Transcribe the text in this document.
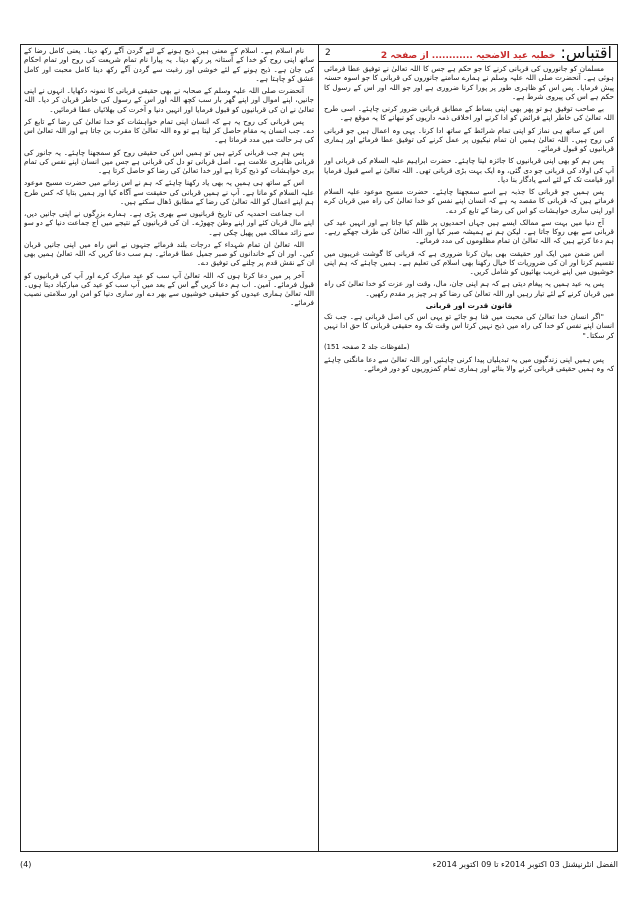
اقتباس: خطبہ عید الاضحیہ ............ از صفحہ 2
2

مسلمان کو جانوروں کی قربانی کرنے کا جو حکم ہے جس کا اللہ تعالیٰ نے توفیق عطا فرمائی ہوئی ہے۔ آنحضرت صلی اللہ علیہ وسلم نے ہمارے سامنے جانوروں کی قربانی کا جو اسوہ حسنہ پیش فرمایا۔ پس اس کو ظاہری طور پر پورا کرنا ضروری ہے اور جو اللہ اور اس کے رسول کا حکم ہے اس کی پیروی شرط ہے۔

بے صاحب توفیق ہو تو پھر بھی اپنی بساط کے مطابق قربانی ضرور کرنی چاہئے۔ اسی طرح اللہ تعالیٰ کی خاطر اپنے فرائض کو ادا کرنے اور اخلاقی ذمہ داریوں کو نبھانے کا یہ موقع ہے۔

اس کے ساتھ ہی نماز کو اپنی تمام شرائط کے ساتھ ادا کرنا۔ یہی وہ اعمال ہیں جو قربانی کی روح ہیں۔ اللہ تعالیٰ ہمیں ان تمام نیکیوں پر عمل کرنے کی توفیق عطا فرمائے اور ہماری قربانیوں کو قبول فرمائے۔

پس ہم کو بھی اپنی قربانیوں کا جائزہ لینا چاہئے۔ حضرت ابراہیم علیہ السلام کی قربانی اور آپ کی اولاد کی قربانی جو دی گئی، وہ ایک بہت بڑی قربانی تھی۔ اللہ تعالیٰ نے اسے قبول فرمایا اور قیامت تک کے لئے اسے یادگار بنا دیا۔

پس ہمیں جو قربانی کا جذبہ ہے اسے سمجھنا چاہئے۔ حضرت مسیح موعود علیہ السلام فرماتے ہیں کہ قربانی کا مقصد یہ ہے کہ انسان اپنے نفس کو خدا تعالیٰ کی راہ میں قربان کرے اور اپنی ساری خواہشات کو اس کی رضا کے تابع کر دے۔

آج دنیا میں بہت سے ممالک ایسے ہیں جہاں احمدیوں پر ظلم کیا جاتا ہے اور انہیں عید کی قربانی سے بھی روکا جاتا ہے۔ لیکن ہم نے ہمیشہ صبر کیا اور اللہ تعالیٰ کی طرف جھکے رہے۔ ہم دعا کرتے ہیں کہ اللہ تعالیٰ ان تمام مظلوموں کی مدد فرمائے۔

اس ضمن میں ایک اور حقیقت بھی بیان کرنا ضروری ہے کہ قربانی کا گوشت غریبوں میں تقسیم کرنا اور ان کی ضروریات کا خیال رکھنا بھی اسلام کی تعلیم ہے۔ ہمیں چاہئے کہ ہم اپنی خوشیوں میں اپنے غریب بھائیوں کو شامل کریں۔

پس یہ عید ہمیں یہ پیغام دیتی ہے کہ ہم اپنی جان، مال، وقت اور عزت کو خدا تعالیٰ کی راہ میں قربان کرنے کے لئے تیار رہیں اور اللہ تعالیٰ کی رضا کو ہر چیز پر مقدم رکھیں۔

قانون قدرت اور قربانی

"اگر انسان خدا تعالیٰ کی محبت میں فنا ہو جائے تو یہی اس کی اصل قربانی ہے۔ جب تک انسان اپنے نفس کو خدا کی راہ میں ذبح نہیں کرتا اس وقت تک وہ حقیقی قربانی کا حق ادا نہیں کر سکتا۔"

(ملفوظات جلد 2 صفحہ 151)

پس ہمیں اپنی زندگیوں میں یہ تبدیلیاں پیدا کرنی چاہئیں اور اللہ تعالیٰ سے دعا مانگنی چاہئے کہ وہ ہمیں حقیقی قربانی کرنے والا بنائے اور ہماری تمام کمزوریوں کو دور فرمائے۔

نام اسلام ہے۔ اسلام کے معنی ہیں ذبح ہونے کے لئے گردن آگے رکھ دینا۔ یعنی کامل رضا کے ساتھ اپنی روح کو خدا کے آستانہ پر رکھ دینا۔ یہ پیارا نام تمام شریعت کی روح اور تمام احکام کی جان ہے۔ ذبح ہونے کے لئے خوشی اور رغبت سے گردن آگے رکھ دینا کامل محبت اور کامل عشق کو چاہتا ہے۔

آنحضرت صلی اللہ علیہ وسلم کے صحابہ نے بھی حقیقی قربانی کا نمونہ دکھایا۔ انہوں نے اپنی جانیں، اپنے اموال اور اپنے گھر بار سب کچھ اللہ اور اس کے رسول کی خاطر قربان کر دیا۔ اللہ تعالیٰ نے ان کی قربانیوں کو قبول فرمایا اور انہیں دنیا و آخرت کی بھلائیاں عطا فرمائیں۔

پس قربانی کی روح یہ ہے کہ انسان اپنی تمام خواہشات کو خدا تعالیٰ کی رضا کے تابع کر دے۔ جب انسان یہ مقام حاصل کر لیتا ہے تو وہ اللہ تعالیٰ کا مقرب بن جاتا ہے اور اللہ تعالیٰ اس کی ہر حالت میں مدد فرماتا ہے۔

پس ہم جب قربانی کرتے ہیں تو ہمیں اس کی حقیقی روح کو سمجھنا چاہئے۔ یہ جانور کی قربانی ظاہری علامت ہے۔ اصل قربانی تو دل کی قربانی ہے جس میں انسان اپنے نفس کی تمام بری خواہشات کو ذبح کرتا ہے اور خدا تعالیٰ کی رضا کو حاصل کرتا ہے۔

اس کے ساتھ ہی ہمیں یہ بھی یاد رکھنا چاہئے کہ ہم نے اس زمانے میں حضرت مسیح موعود علیہ السلام کو مانا ہے۔ آپ نے ہمیں قربانی کی حقیقت سے آگاہ کیا اور ہمیں بتایا کہ کس طرح ہم اپنے اعمال کو اللہ تعالیٰ کی رضا کے مطابق ڈھال سکتے ہیں۔

اب جماعت احمدیہ کی تاریخ قربانیوں سے بھری پڑی ہے۔ ہمارے بزرگوں نے اپنی جانیں دیں، اپنے مال قربان کئے اور اپنے وطن چھوڑے۔ ان کی قربانیوں کے نتیجے میں آج جماعت دنیا کے دو سو سے زائد ممالک میں پھیل چکی ہے۔

اللہ تعالیٰ ان تمام شہداء کے درجات بلند فرمائے جنہوں نے اس راہ میں اپنی جانیں قربان کیں۔ اور ان کے خاندانوں کو صبر جمیل عطا فرمائے۔ ہم سب دعا کریں کہ اللہ تعالیٰ ہمیں بھی ان کے نقش قدم پر چلنے کی توفیق دے۔

آخر پر میں دعا کرتا ہوں کہ اللہ تعالیٰ آپ سب کو عید مبارک کرے اور آپ کی قربانیوں کو قبول فرمائے۔ آمین۔ اب ہم دعا کریں گے اس کے بعد میں آپ سب کو عید کی مبارکباد دیتا ہوں۔ اللہ تعالیٰ ہماری عیدوں کو حقیقی خوشیوں سے بھر دے اور ساری دنیا کو امن اور سلامتی نصیب فرمائے۔

الفضل انٹرنیشنل 03 اکتوبر 2014ء تا 09 اکتوبر 2014ء
(4)
